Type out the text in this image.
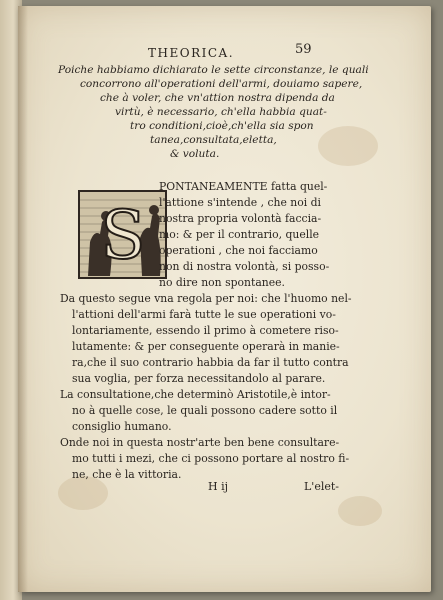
THEORICA.	59
Poiche habbiamo dichiarato le sette circonstanze, le quali
concorrono all'operationi dell'armi, douiamo sapere,
che à voler, che vn'attion nostra dipenda da
virtù, è necessario, ch'ella habbia quat-
tro conditioni,cioè,ch'ella sia spon
tanea,consultata,eletta,
& voluta.
S
PONTANEAMENTE fatta quel-
l'attione s'intende , che noi di
nostra propria volontà faccia-
mo: & per il contrario, quelle
operationi , che noi facciamo
non di nostra volontà, si posso-
no dire non spontanee.
Da questo segue vna regola per noi: che l'huomo nel-
l'attioni dell'armi farà tutte le sue operationi vo-
lontariamente, essendo il primo à cometere riso-
lutamente: & per conseguente operarà in manie-
ra,che il suo contrario habbia da far il tutto contra
sua voglia, per forza necessitandolo al parare.
La consultatione,che determinò Aristotile,è intor-
no à quelle cose, le quali possono cadere sotto il
consiglio humano.
Onde noi in questa nostr'arte ben bene consultare-
mo tutti i mezi, che ci possono portare al nostro fi-
ne, che è la vittoria.
H ij	L'elet-
